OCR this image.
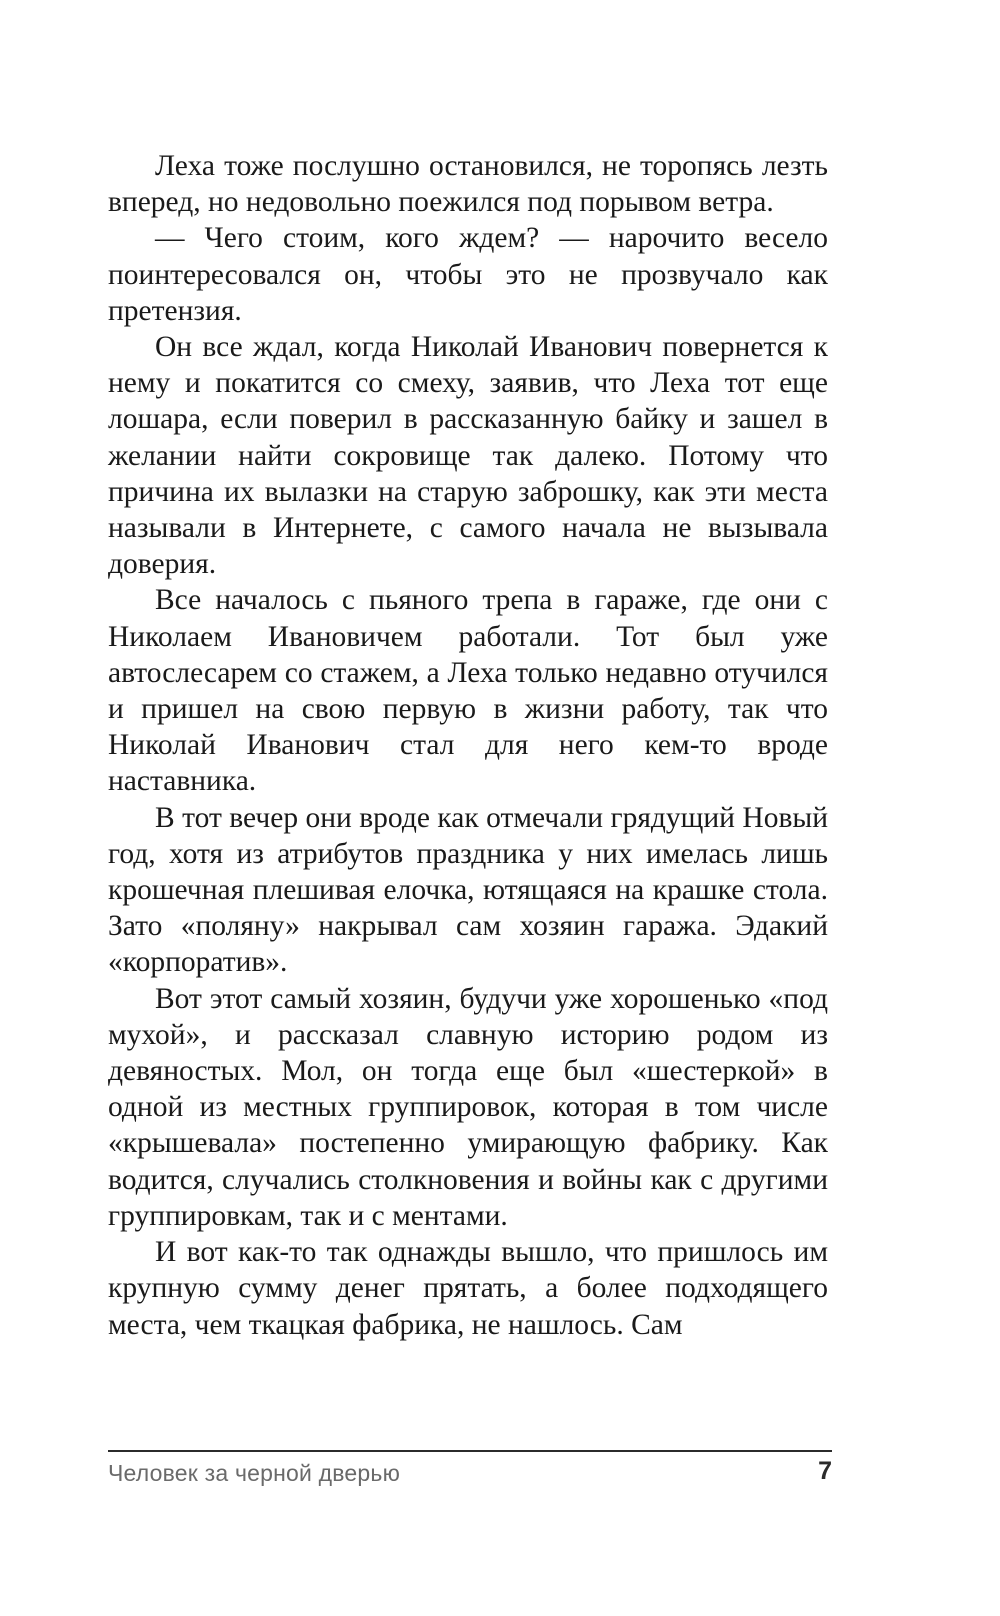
Леха тоже послушно остановился, не торопясь лезть вперед, но недовольно поежился под порывом ветра.

— Чего стоим, кого ждем? — нарочито весело поинтересовался он, чтобы это не прозвучало как претензия.

Он все ждал, когда Николай Иванович повернется к нему и покатится со смеху, заявив, что Леха тот еще лошара, если поверил в рассказанную байку и зашел в желании найти сокровище так далеко. Потому что причина их вылазки на старую заброшку, как эти места называли в Интернете, с самого начала не вызывала доверия.

Все началось с пьяного трепа в гараже, где они с Николаем Ивановичем работали. Тот был уже автослесарем со стажем, а Леха только недавно отучился и пришел на свою первую в жизни работу, так что Николай Иванович стал для него кем-то вроде наставника.

В тот вечер они вроде как отмечали грядущий Новый год, хотя из атрибутов праздника у них имелась лишь крошечная плешивая елочка, ютящаяся на крашке стола. Зато «поляну» накрывал сам хозяин гаража. Эдакий «корпоратив».

Вот этот самый хозяин, будучи уже хорошенько «под мухой», и рассказал славную историю родом из девяностых. Мол, он тогда еще был «шестеркой» в одной из местных группировок, которая в том числе «крышевала» постепенно умирающую фабрику. Как водится, случались столкновения и войны как с другими группировкам, так и с ментами.

И вот как-то так однажды вышло, что пришлось им крупную сумму денег прятать, а более подходящего места, чем ткацкая фабрика, не нашлось. Сам

Человек за черной дверью	7
